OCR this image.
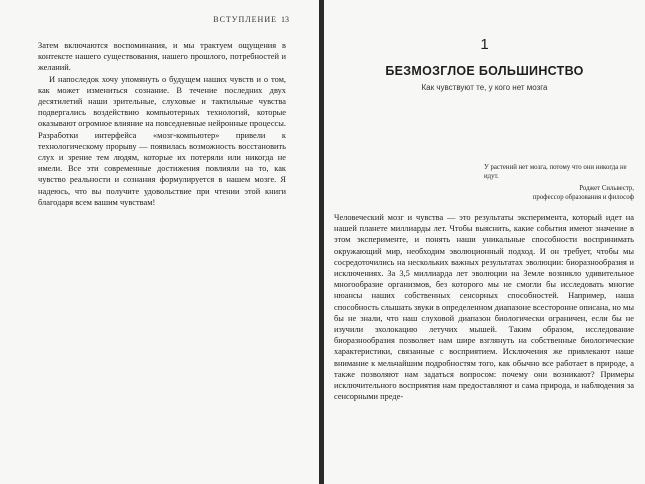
ВСТУПЛЕНИЕ 13

Затем включаются воспоминания, и мы трактуем ощущения в контексте нашего существования, нашего прошлого, потребностей и желаний.

И напоследок хочу упомянуть о будущем наших чувств и о том, как может измениться сознание. В течение последних двух десятилетий наши зрительные, слуховые и тактильные чувства подвергались воздействию компьютерных технологий, которые оказывают огромное влияние на повседневные нейронные процессы. Разработки интерфейса «мозг-компьютер» привели к технологическому прорыву — появилась возможность восстановить слух и зрение тем людям, которые их потеряли или никогда не имели. Все эти современные достижения повлияли на то, как чувство реальности и сознания формулируется в нашем мозге. Я надеюсь, что вы получите удовольствие при чтении этой книги благодаря всем вашим чувствам!

1
БЕЗМОЗГЛОЕ БОЛЬШИНСТВО
Как чувствуют те, у кого нет мозга

У растений нет мозга, потому что они никогда не идут.

Роджет Сильвестр,

профессор образования и философ

Человеческий мозг и чувства — это результаты эксперимента, который идет на нашей планете миллиарды лет. Чтобы выяснить, какие события имеют значение в этом эксперименте, и понять наши уникальные способности воспринимать окружающий мир, необходим эволюционный подход. И он требует, чтобы мы сосредоточились на нескольких важных результатах эволюции: биоразнообразия и исключениях. За 3,5 миллиарда лет эволюции на Земле возникло удивительное многообразие организмов, без которого мы не смогли бы исследовать многие нюансы наших собственных сенсорных способностей. Например, наша способность слышать звуки в определенном диапазоне всесторонне описана, но мы бы не знали, что наш слуховой диапазон биологически ограничен, если бы не изучили эхолокацию летучих мышей. Таким образом, исследование биоразнообразия позволяет нам шире взглянуть на собственные биологические характеристики, связанные с восприятием. Исключения же привлекают наше внимание к мельчайшим подробностям того, как обычно все работает в природе, а также позволяют нам задаться вопросом: почему они возникают? Примеры исключительного восприятия нам предоставляют и сама природа, и наблюдения за сенсорными преде-
